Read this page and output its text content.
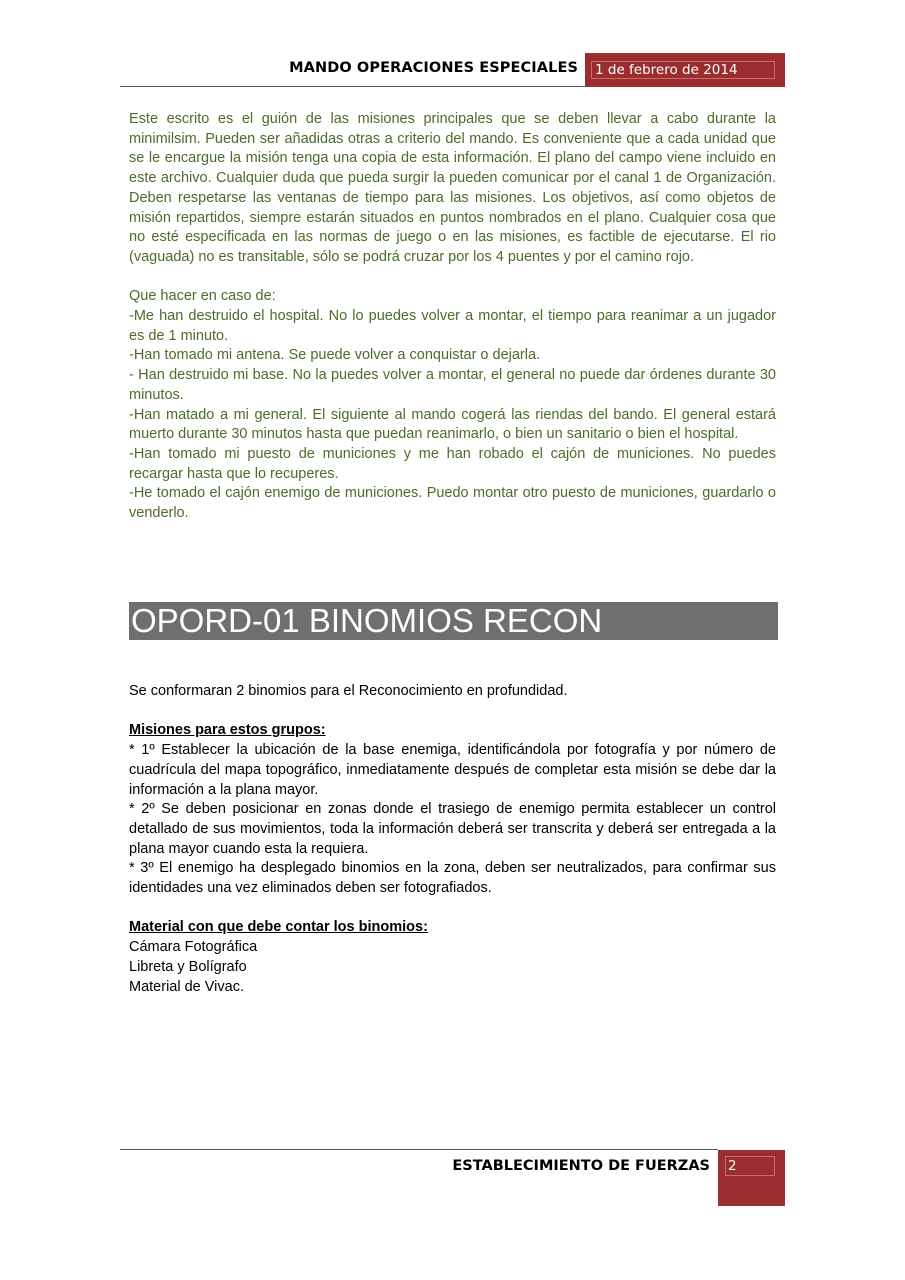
MANDO OPERACIONES ESPECIALES 1 de febrero de 2014

Este escrito es el guión de las misiones principales que se deben llevar a cabo durante la minimilsim. Pueden ser añadidas otras a criterio del mando. Es conveniente que a cada unidad que se le encargue la misión tenga una copia de esta información. El plano del campo viene incluido en este archivo. Cualquier duda que pueda surgir la pueden comunicar por el canal 1 de Organización. Deben respetarse las ventanas de tiempo para las misiones. Los objetivos, así como objetos de misión repartidos, siempre estarán situados en puntos nombrados en el plano. Cualquier cosa que no esté especificada en las normas de juego o en las misiones, es factible de ejecutarse. El rio (vaguada) no es transitable, sólo se podrá cruzar por los 4 puentes y por el camino rojo.

Que hacer en caso de:

-Me han destruido el hospital. No lo puedes volver a montar, el tiempo para reanimar a un jugador es de 1 minuto.

-Han tomado mi antena. Se puede volver a conquistar o dejarla.

- Han destruido mi base. No la puedes volver a montar, el general no puede dar órdenes durante 30 minutos.

-Han matado a mi general. El siguiente al mando cogerá las riendas del bando. El general estará muerto durante 30 minutos hasta que puedan reanimarlo, o bien un sanitario o bien el hospital.

-Han tomado mi puesto de municiones y me han robado el cajón de municiones. No puedes recargar hasta que lo recuperes.

-He tomado el cajón enemigo de municiones. Puedo montar otro puesto de municiones, guardarlo o venderlo.

OPORD-01 BINOMIOS RECON

Se conformaran 2 binomios para el Reconocimiento en profundidad.

Misiones para estos grupos:

* 1º Establecer la ubicación de la base enemiga, identificándola por fotografía y por número de cuadrícula del mapa topográfico, inmediatamente después de completar esta misión se debe dar la información a la plana mayor.

* 2º Se deben posicionar en zonas donde el trasiego de enemigo permita establecer un control detallado de sus movimientos, toda la información deberá ser transcrita y deberá ser entregada a la plana mayor cuando esta la requiera.

* 3º El enemigo ha desplegado binomios en la zona, deben ser neutralizados, para confirmar sus identidades una vez eliminados deben ser fotografiados.

Material con que debe contar los binomios:

Cámara Fotográfica

Libreta y Bolígrafo

Material de Vivac.

ESTABLECIMIENTO DE FUERZAS 2
